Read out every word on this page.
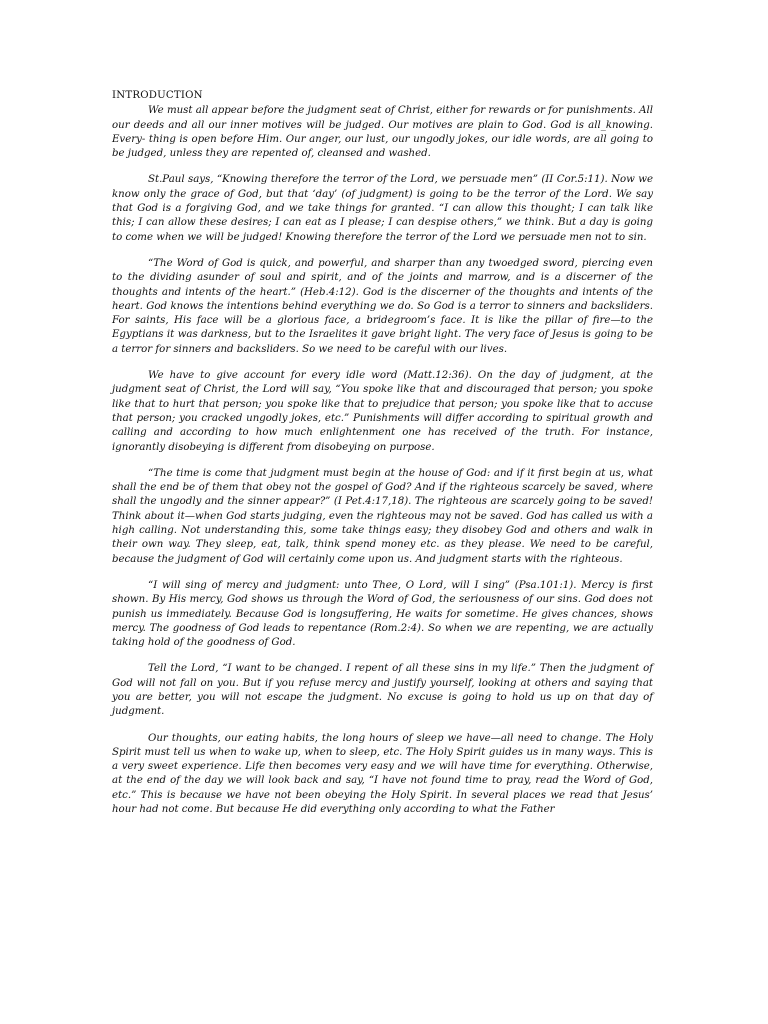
INTRODUCTION

We must all appear before the judgment seat of Christ, either for rewards or for punishments. All our deeds and all our inner motives will be judged. Our motives are plain to God. God is all_knowing. Every- thing is open before Him. Our anger, our lust, our ungodly jokes, our idle words, are all going to be judged, unless they are repented of, cleansed and washed.

St.Paul says, “Knowing therefore the terror of the Lord, we persuade men” (II Cor.5:11). Now we know only the grace of God, but that ‘day’ (of judgment) is going to be the terror of the Lord. We say that God is a forgiving God, and we take things for granted. “I can allow this thought; I can talk like this; I can allow these desires; I can eat as I please; I can despise others,” we think. But a day is going to come when we will be judged! Knowing therefore the terror of the Lord we persuade men not to sin.

“The Word of God is quick, and powerful, and sharper than any twoedged sword, piercing even to the dividing asunder of soul and spirit, and of the joints and marrow, and is a discerner of the thoughts and intents of the heart.” (Heb.4:12). God is the discerner of the thoughts and intents of the heart. God knows the intentions behind everything we do. So God is a terror to sinners and backsliders. For saints, His face will be a glorious face, a bridegroom’s face. It is like the pillar of fire—to the Egyptians it was darkness, but to the Israelites it gave bright light. The very face of Jesus is going to be a terror for sinners and backsliders. So we need to be careful with our lives.

We have to give account for every idle word (Matt.12:36). On the day of judgment, at the judgment seat of Christ, the Lord will say, “You spoke like that and discouraged that person; you spoke like that to hurt that person; you spoke like that to prejudice that person; you spoke like that to accuse that person; you cracked ungodly jokes, etc.” Punishments will differ according to spiritual growth and calling and according to how much enlightenment one has received of the truth. For instance, ignorantly disobeying is different from disobeying on purpose.

“The time is come that judgment must begin at the house of God: and if it first begin at us, what shall the end be of them that obey not the gospel of God? And if the righteous scarcely be saved, where shall the ungodly and the sinner appear?” (I Pet.4:17,18). The righteous are scarcely going to be saved! Think about it—when God starts judging, even the righteous may not be saved. God has called us with a high calling. Not understanding this, some take things easy; they disobey God and others and walk in their own way. They sleep, eat, talk, think spend money etc. as they please. We need to be careful, because the judgment of God will certainly come upon us. And judgment starts with the righteous.

“I will sing of mercy and judgment: unto Thee, O Lord, will I sing” (Psa.101:1). Mercy is first shown. By His mercy, God shows us through the Word of God, the seriousness of our sins. God does not punish us immediately. Because God is longsuffering, He waits for sometime. He gives chances, shows mercy. The goodness of God leads to repentance (Rom.2:4). So when we are repenting, we are actually taking hold of the goodness of God.

Tell the Lord, “I want to be changed. I repent of all these sins in my life.” Then the judgment of God will not fall on you. But if you refuse mercy and justify yourself, looking at others and saying that you are better, you will not escape the judgment. No excuse is going to hold us up on that day of judgment.

Our thoughts, our eating habits, the long hours of sleep we have—all need to change. The Holy Spirit must tell us when to wake up, when to sleep, etc. The Holy Spirit guides us in many ways. This is a very sweet experience. Life then becomes very easy and we will have time for everything. Otherwise, at the end of the day we will look back and say, “I have not found time to pray, read the Word of God, etc.” This is because we have not been obeying the Holy Spirit. In several places we read that Jesus’ hour had not come. But because He did everything only according to what the Father
